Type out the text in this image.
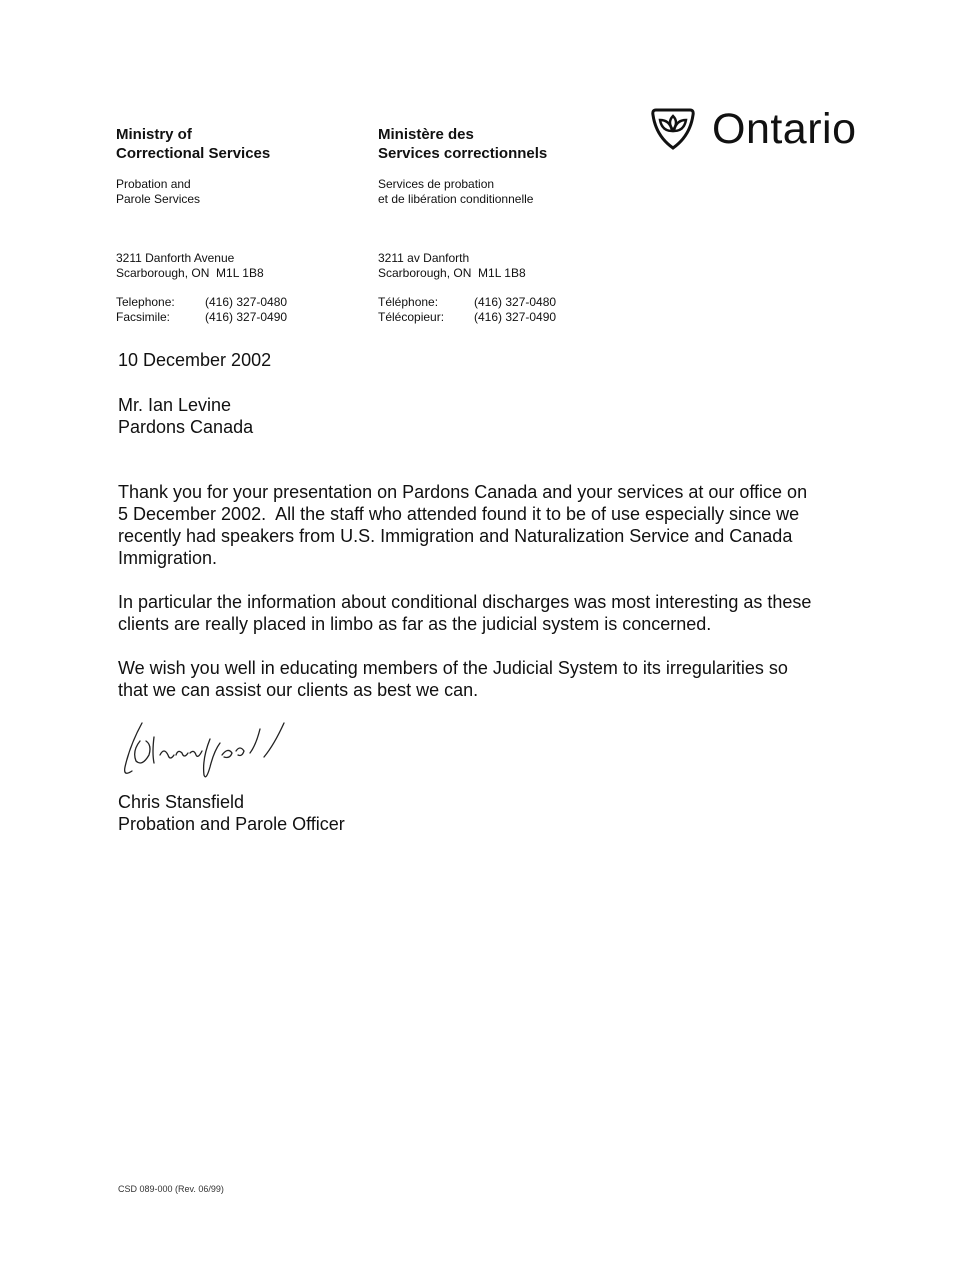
Ministry of
Correctional Services
Probation and
Parole Services
3211 Danforth Avenue
Scarborough, ON  M1L 1B8
Telephone:	(416) 327-0480
Facsimile:	(416) 327-0490
Ministère des
Services correctionnels
Services de probation
et de libération conditionnelle
3211 av Danforth
Scarborough, ON  M1L 1B8
Téléphone:	(416) 327-0480
Télécopieur:	(416) 327-0490
Ontario
10 December 2002
Mr. Ian Levine
Pardons Canada
Thank you for your presentation on Pardons Canada and your services at our office on
5 December 2002.  All the staff who attended found it to be of use especially since we
recently had speakers from U.S. Immigration and Naturalization Service and Canada
Immigration.
In particular the information about conditional discharges was most interesting as these
clients are really placed in limbo as far as the judicial system is concerned.
We wish you well in educating members of the Judicial System to its irregularities so
that we can assist our clients as best we can.
Chris Stansfield
Probation and Parole Officer
CSD 089-000 (Rev. 06/99)
